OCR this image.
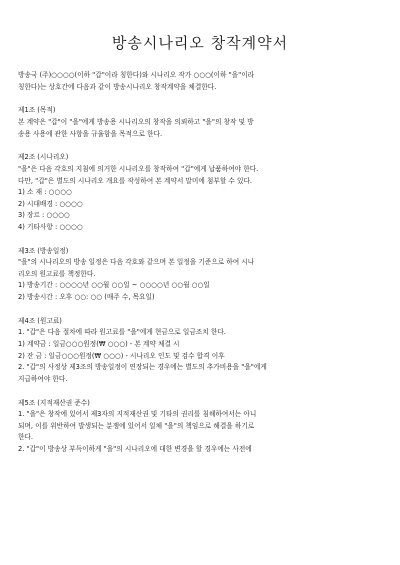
방송시나리오 창작계약서

방송국 (주)○○○○(이하 "갑"이라 칭한다)와 시나리오 작가 ○○○(이하 "을"이라

칭한다)는 상호간에 다음과 같이 방송시나리오 창작계약을 체결한다.

제1조 (목적)

본 계약은 "갑"이 "을"에게 방송용 시나리오의 창작을 의뢰하고 "을"의 창작 및 방

송용 사용에 관한 사항을 규율함을 목적으로 한다.

제2조 (시나리오)

"을"은 다음 각호의 지침에 의거한 시나리오를 창작하여 "갑"에게 납품하여야 한다.

다만, "갑"은 별도의 시나리오 개요를 작성하여 본 계약서 말미에 첨부할 수 있다.

1) 소 재 : ○○○○

2) 시대배경 : ○○○○

3) 장르 : ○○○○

4) 기타사항 : ○○○○

제3조 (방송일정)

"을"의 시나리오의 방송 일정은 다음 각호와 같으며 본 일정을 기준으로 하여 시나

리오의 원고료를 책정한다.

1) 방송기간 : ○○○○년 ○○월 ○○일 ~ ○○○○년 ○○월 ○○일

2) 방송시간 : 오후 ○○: ○○ (매주 수, 목요일)

제4조 (원고료)

1. "갑"은 다음 절차에 따라 원고료를 "을"에게 현금으로 일금조치 한다.

1) 계약금 : 일금○○○원정(₩ ○○○) - 본 계약 체결 시

2) 잔 금 : 일금○○○원정(₩ ○○○) - 시나리오 인도 및 검수 합격 이후

2. "갑"의 사정상 제3조의 방송일정이 연장되는 경우에는 별도의 추가비용을 "을"에게

지급하여야 한다.

제5조 (지적재산권 준수)

1. "을"은 창작에 있어서 제3자의 지적재산권 및 기타의 권리를 침해하여서는 아니

되며, 이를 위반하여 발생되는 분쟁에 있어서 일체 "을"의 책임으로 해결을 하기로

한다.

2. "갑"이 방송상 부득이하게 "을"의 시나리오에 대한 변경을 할 경우에는 사전에
